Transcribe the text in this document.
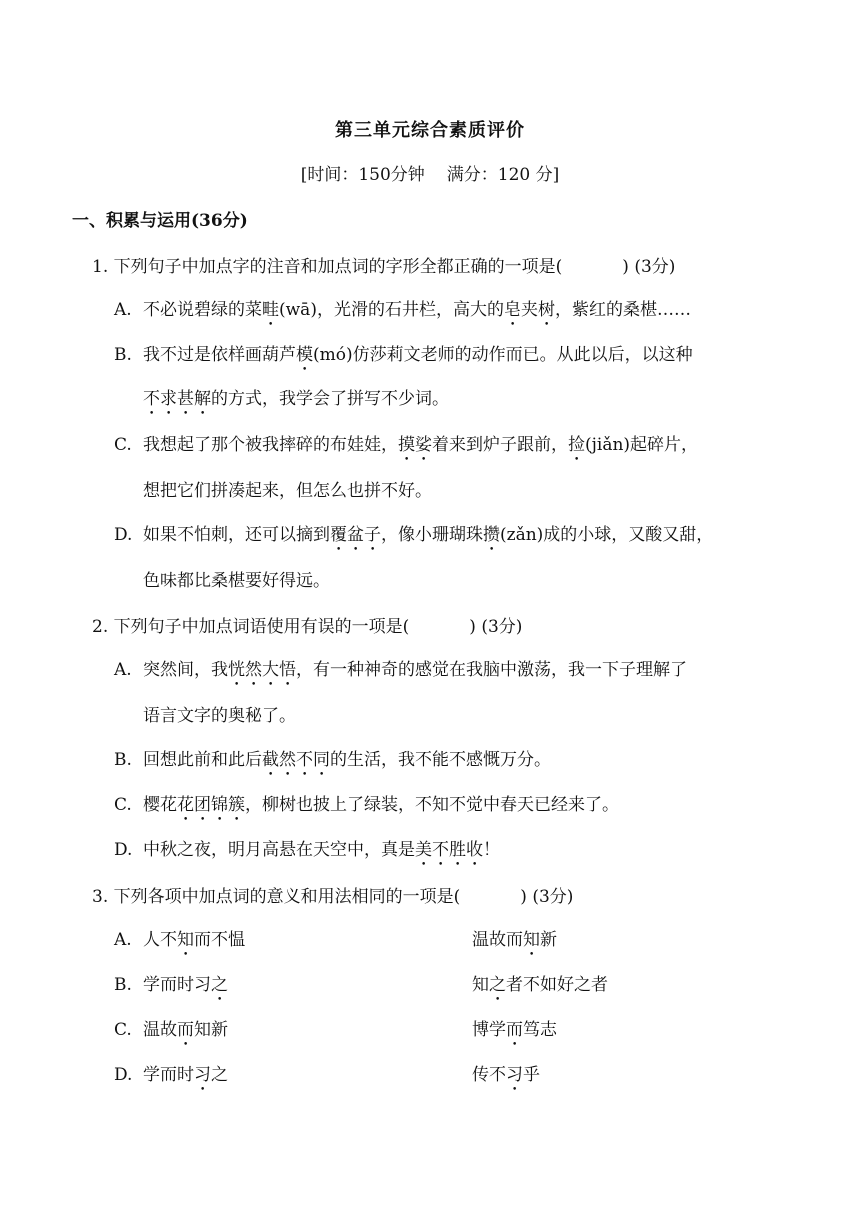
第三单元综合素质评价
[时间：150分钟 满分：120 分]
一、积累与运用(36分)
1. 下列句子中加点字的注音和加点词的字形全都正确的一项是(	) (3分)
A. 不必说碧绿的菜畦(wā)，光滑的石井栏，高大的皂夹树，紫红的桑椹……
B. 我不过是依样画葫芦模(mó)仿莎莉文老师的动作而已。从此以后，以这种
不求甚解的方式，我学会了拼写不少词。
C. 我想起了那个被我摔碎的布娃娃，摸娑着来到炉子跟前，捡(jiǎn)起碎片，
想把它们拼凑起来，但怎么也拼不好。
D. 如果不怕刺，还可以摘到覆盆子，像小珊瑚珠攒(zǎn)成的小球，又酸又甜，
色味都比桑椹要好得远。
2. 下列句子中加点词语使用有误的一项是(	) (3分)
A. 突然间，我恍然大悟，有一种神奇的感觉在我脑中激荡，我一下子理解了
语言文字的奥秘了。
B. 回想此前和此后截然不同的生活，我不能不感慨万分。
C. 樱花花团锦簇，柳树也披上了绿装，不知不觉中春天已经来了。
D. 中秋之夜，明月高悬在天空中，真是美不胜收！
3. 下列各项中加点词的意义和用法相同的一项是(	) (3分)
A. 人不知而不愠	温故而知新
B. 学而时习之	知之者不如好之者
C. 温故而知新	博学而笃志
D. 学而时习之	传不习乎
